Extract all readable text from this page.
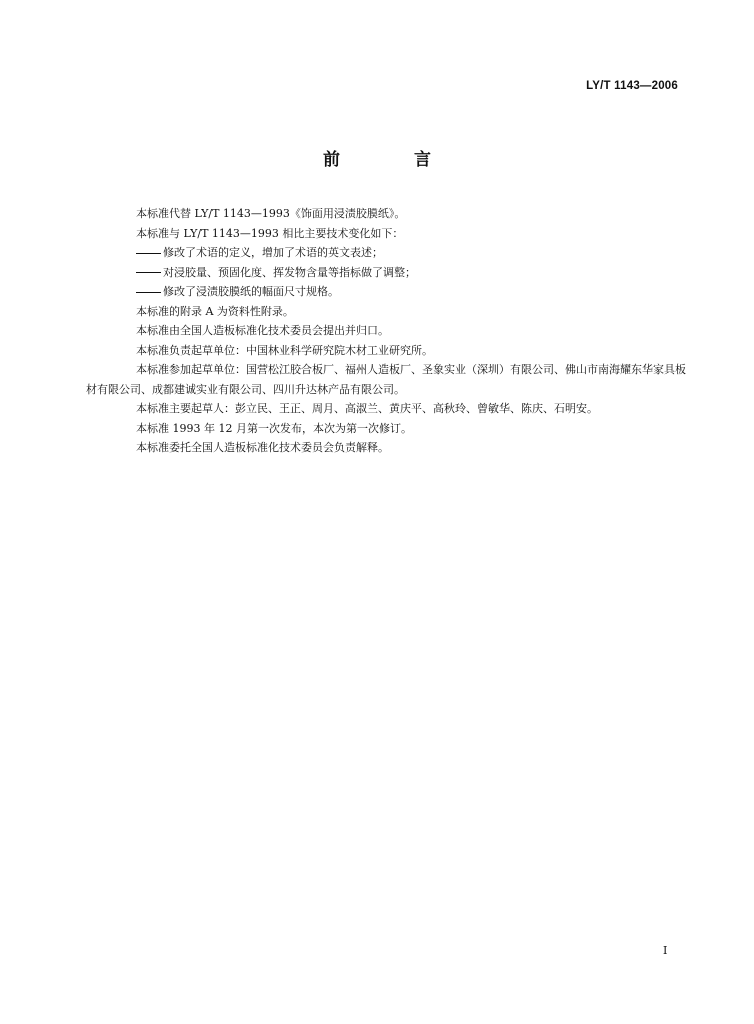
LY/T 1143—2006
前 言

本标准代替 LY/T 1143—1993《饰面用浸渍胶膜纸》。

本标准与 LY/T 1143—1993 相比主要技术变化如下：

修改了术语的定义，增加了术语的英文表述；

对浸胶量、预固化度、挥发物含量等指标做了调整；

修改了浸渍胶膜纸的幅面尺寸规格。

本标准的附录 A 为资料性附录。

本标准由全国人造板标准化技术委员会提出并归口。

本标准负责起草单位：中国林业科学研究院木材工业研究所。

本标准参加起草单位：国营松江胶合板厂、福州人造板厂、圣象实业（深圳）有限公司、佛山市南海耀东华家具板材有限公司、成都建诚实业有限公司、四川升达林产品有限公司。

本标准主要起草人：彭立民、王正、周月、高淑兰、黄庆平、高秋玲、曾敏华、陈庆、石明安。

本标准 1993 年 12 月第一次发布，本次为第一次修订。

本标准委托全国人造板标准化技术委员会负责解释。

I
